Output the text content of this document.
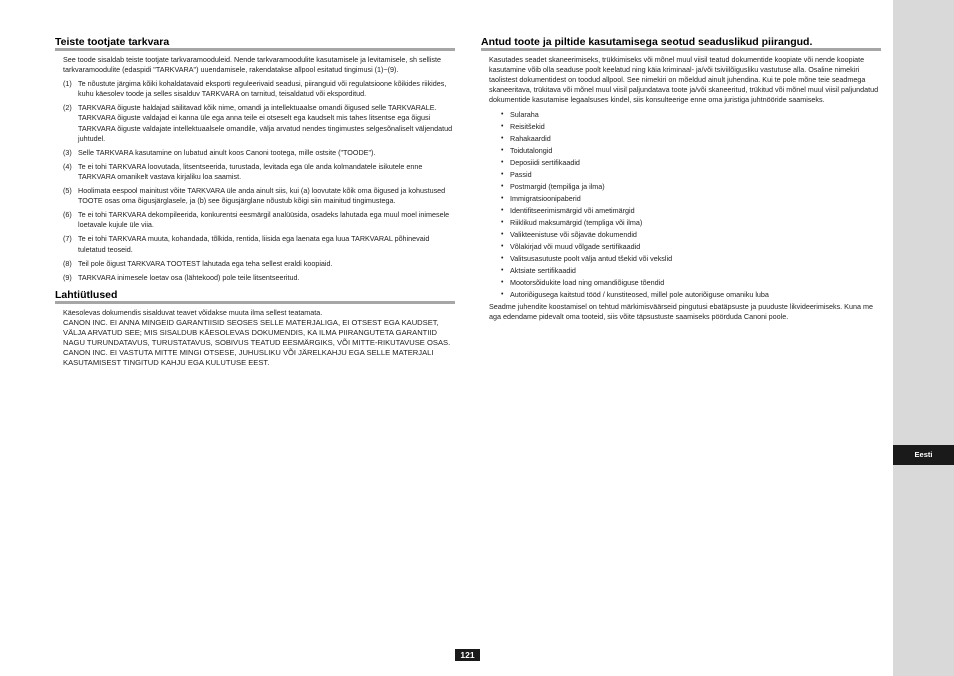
Teiste tootjate tarkvara

See toode sisaldab teiste tootjate tarkvaramooduleid. Nende tarkvaramoodulite kasutamisele ja levitamisele, sh sellistе tarkvaramoodulite (edaspidi "TARKVARA") uuendamisele, rakendatakse allpool esitatud tingimusi (1)~(9).

(1) Te nõustute järgima kõiki kohaldatavaid eksporti reguleerivaid seadusi, piiranguid või regulatsioone kõikides riikides, kuhu käesolev toode ja selles sisalduv TARKVARA on tarnitud, teisaldatud või eksporditud.
(2) TARKVARA õiguste haldajad säilitavad kõik nime, omandi ja intellektuaalse omandi õigused selle TARKVARALE. TARKVARA õiguste valdajad ei kanna üle ega anna teile ei otseselt ega kaudselt mis tahes litsentse ega õigusi TARKVARA õiguste valdajate intellektuaalsele omandile, välja arvatud nendes tingimustes selgesõnaliselt väljendatud juhtudel.
(3) Selle TARKVARA kasutamine on lubatud ainult koos Canoni tootega, mille ostsite ("TOODE").
(4) Te ei tohi TARKVARA loovutada, litsentseerida, turustada, levitada ega üle anda kolmandatele isikutele enne TARKVARA omanikelt vastava kirjaliku loa saamist.
(5) Hoolimata eespool mainitust võite TARKVARA üle anda ainult siis, kui (a) loovutate kõik oma õigused ja kohustused TOOTE osas oma õigusjärglasele, ja (b) see õigusjärglane nõustub kõigi siin mainitud tingimustega.
(6) Te ei tohi TARKVARA dekompileerida, konkurentsi eesmärgil analüüsida, osadeks lahutada ega muul moel inimesele loetavale kujule üle viia.
(7) Te ei tohi TARKVARA muuta, kohandada, tõlkida, rentida, liisida ega laenata ega luua TARKVARAL põhinevaid tuletatud teoseid.
(8) Teil pole õigust TARKVARA TOOTEST lahutada ega teha sellest eraldi koopiaid.
(9) TARKVARA inimesele loetav osa (lähtekood) pole teile litsentseeritud.
Lahtiütlused

Käesolevas dokumendis sisalduvat teavet võidakse muuta ilma sellest teatamata.

CANON INC. EI ANNA MINGEID GARANTIISID SEOSES SELLE MATERJALIGA, EI OTSEST EGA KAUDSET, VÄLJA ARVATUD SEE; MIS SISALDUB KÄESOLEVAS DOKUMENDIS, KA ILMA PIIRANGUTETA GARANTIID NAGU TURUNDATAVUS, TURUSTATAVUS, SOBIVUS TEATUD EESMÄRGIKS, VÕI MITTE-RIKUTAVUSE OSAS. CANON INC. EI VASTUTA MITTE MINGI OTSESE, JUHUSLIKU VÕI JÄRELKAHJU EGA SELLE MATERJALI KASUTAMISEST TINGITUD KAHJU EGA KULUTUSE EEST.

Antud toote ja piltide kasutamisega seotud seaduslikud piirangud.

Kasutades seadet skaneerimiseks, trükkimiseks või mõnel muul viisil teatud dokumentide koopiate või nende koopiate kasutamine võib olla seaduse poolt keelatud ning käia kriminaal- ja/või tsiviilõigusliku vastutuse alla. Osaline nimekiri taolistest dokumentidest on toodud allpool. See nimekiri on mõeldud ainult juhendina. Kui te pole mõne teie seadmega skaneeritava, trükitava või mõnel muul viisil paljundatava toote ja/või skaneeritud, trükitud või mõnel muul viisil paljundatud dokumentide kasutamise legaalsuses kindel, siis konsulteerige enne oma juristiga juhtnööride saamiseks.

• Sularaha
• Reisitšekid
• Rahakaardid
• Toidutalongid
• Deposiidi sertifikaadid
• Passid
• Postmargid (tempiliga ja ilma)
• Immigratsioonipaberid
• Identifitseerimismärgid või ametimärgid
• Riiklikud maksumärgid (templiga või ilma)
• Valikteenistuse või sõjaväe dokumendid
• Võlakirjad või muud võlgade sertifikaadid
• Valitsusasutuste poolt välja antud tšekid või vekslid
• Aktsiate sertifikaadid
• Mootorsõidukite load ning omandiõiguse tõendid
• Autoriõigusega kaitstud tööd / kunstiteosed, millel pole autoriõiguse omaniku luba

Seadme juhendite koostamisel on tehtud märkimisväärseid pingutusi ebatäpsuste ja puuduste likvideerimiseks. Kuna me aga edendame pidevalt oma tooteid, siis võite täpsustuste saamiseks pöörduda Canoni poole.

Eesti
121
